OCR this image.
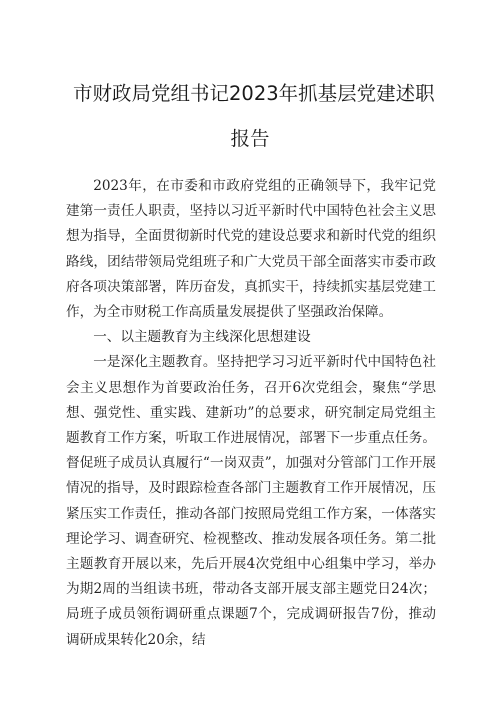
市财政局党组书记2023年抓基层党建述职
报告

2023年，在市委和市政府党组的正确领导下，我牢记党建第一责任人职责，坚持以习近平新时代中国特色社会主义思想为指导，全面贯彻新时代党的建设总要求和新时代党的组织路线，团结带领局党组班子和广大党员干部全面落实市委市政府各项决策部署，阵历奋发，真抓实干，持续抓实基层党建工作，为全市财税工作高质量发展提供了坚强政治保障。

一、以主题教育为主线深化思想建设

一是深化主题教育。坚持把学习习近平新时代中国特色社会主义思想作为首要政治任务，召开6次党组会，聚焦“学思想、强党性、重实践、建新功”的总要求，研究制定局党组主题教育工作方案，听取工作进展情况，部署下一步重点任务。督促班子成员认真履行“一岗双责”，加强对分管部门工作开展情况的指导，及时跟踪检查各部门主题教育工作开展情况，压紧压实工作责任，推动各部门按照局党组工作方案，一体落实理论学习、调查研究、检视整改、推动发展各项任务。第二批主题教育开展以来，先后开展4次党组中心组集中学习，举办为期2周的当组读书班，带动各支部开展支部主题党日24次；局班子成员领衔调研重点课题7个，完成调研报告7份，推动调研成果转化20余，结
